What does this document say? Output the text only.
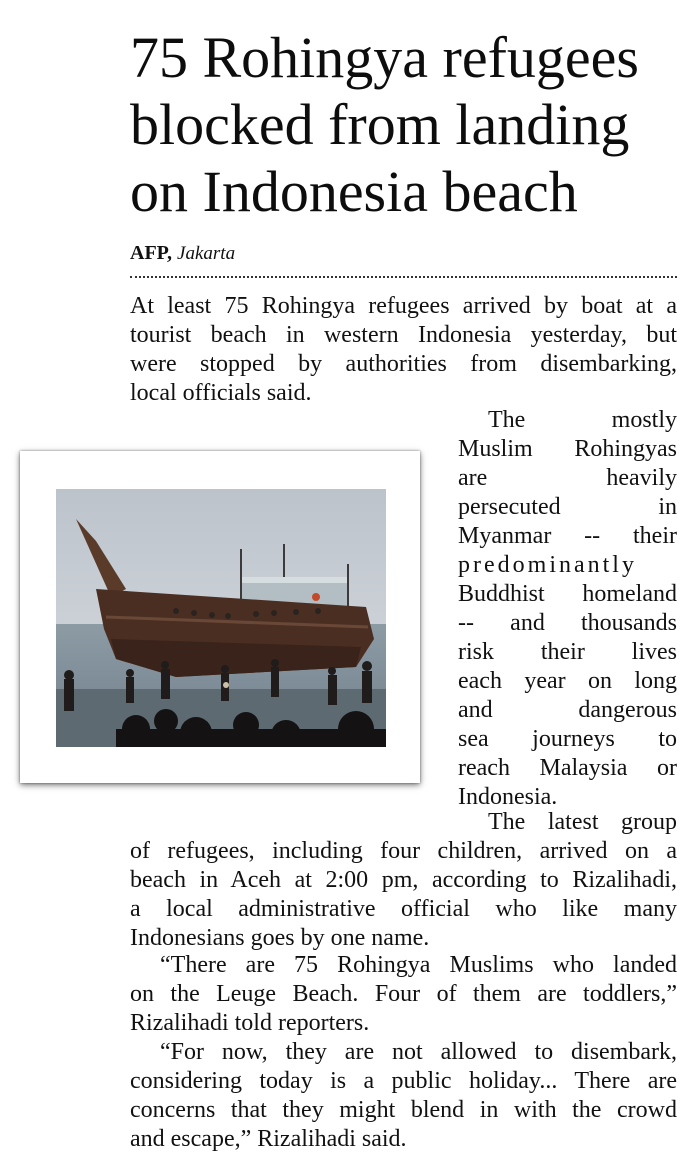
75 Rohingya refugees
blocked from landing
on Indonesia beach
AFP, Jakarta

At least 75 Rohingya refugees arrived by boat at a
tourist beach in western Indonesia yesterday, but
were stopped by authorities from disembarking,
local officials said.

The mostly
Muslim Rohingyas
are heavily
persecuted in
Myanmar -- their
predominantly
Buddhist homeland
-- and thousands
risk their lives
each year on long
and dangerous
sea journeys to
reach Malaysia or
Indonesia.

The latest group
of refugees, including four children, arrived on a
beach in Aceh at 2:00 pm, according to Rizalihadi,
a local administrative official who like many
Indonesians goes by one name.

“There are 75 Rohingya Muslims who landed
on the Leuge Beach. Four of them are toddlers,”
Rizalihadi told reporters.

“For now, they are not allowed to disembark,
considering today is a public holiday... There are
concerns that they might blend in with the crowd
and escape,” Rizalihadi said.
